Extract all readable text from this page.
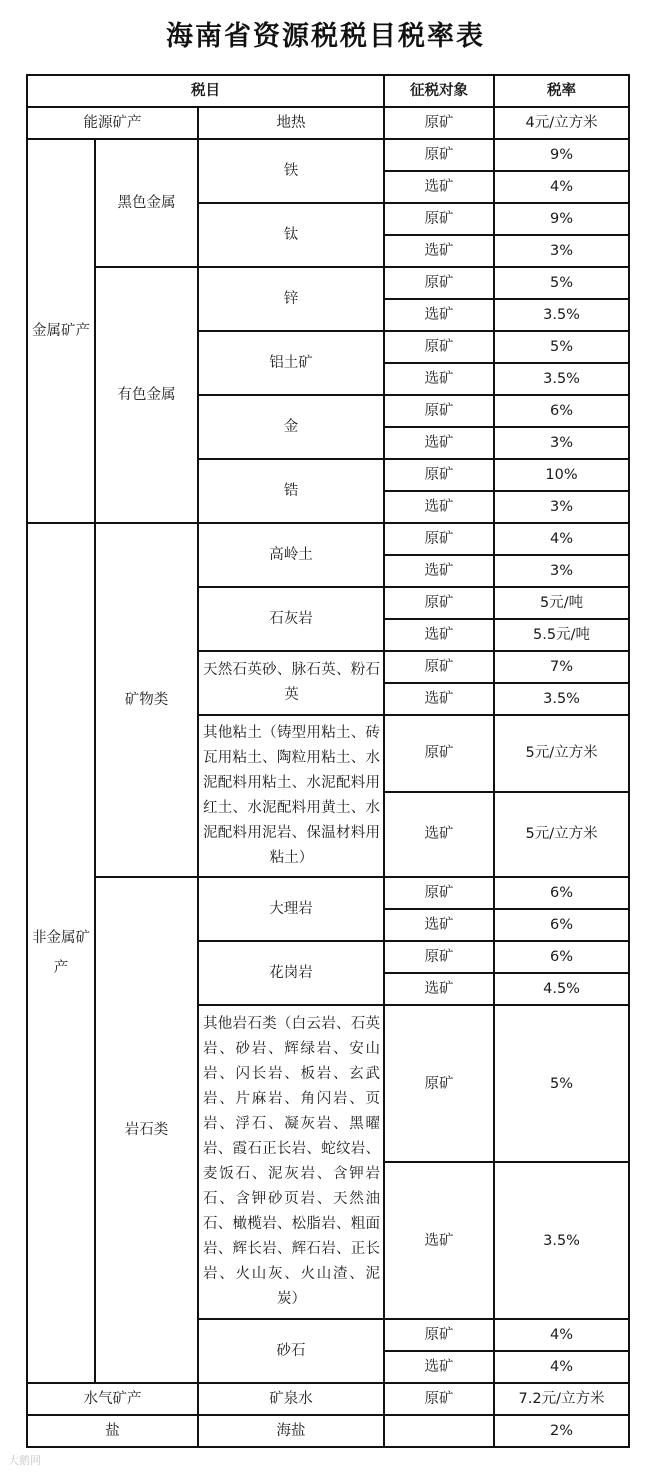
海南省资源税税目税率表
税目			征税对象	税率
能源矿产		地热	原矿	4元/立方米
金属矿产	黑色金属	铁	原矿	9%
			选矿	4%
		钛	原矿	9%
			选矿	3%
	有色金属	锌	原矿	5%
			选矿	3.5%
		铝土矿	原矿	5%
			选矿	3.5%
		金	原矿	6%
			选矿	3%
		锆	原矿	10%
			选矿	3%
非金属矿产	矿物类	高岭土	原矿	4%
			选矿	3%
		石灰岩	原矿	5元/吨
			选矿	5.5元/吨
		天然石英砂、脉石英、粉石英	原矿	7%
			选矿	3.5%
		其他粘土（铸型用粘土、砖瓦用粘土、陶粒用粘土、水泥配料用粘土、水泥配料用红土、水泥配料用黄土、水泥配料用泥岩、保温材料用粘土）	原矿	5元/立方米
			选矿	5元/立方米
	岩石类	大理岩	原矿	6%
			选矿	6%
		花岗岩	原矿	6%
			选矿	4.5%
		其他岩石类（白云岩、石英岩、砂岩、辉绿岩、安山岩、闪长岩、板岩、玄武岩、片麻岩、角闪岩、页岩、浮石、凝灰岩、黑曜岩、霞石正长岩、蛇纹岩、麦饭石、泥灰岩、含钾岩石、含钾砂页岩、天然油石、橄榄岩、松脂岩、粗面岩、辉长岩、辉石岩、正长岩、火山灰、火山渣、泥炭）	原矿	5%
			选矿	3.5%
		砂石	原矿	4%
			选矿	4%
水气矿产		矿泉水	原矿	7.2元/立方米
盐		海盐		2%
大鹅网
